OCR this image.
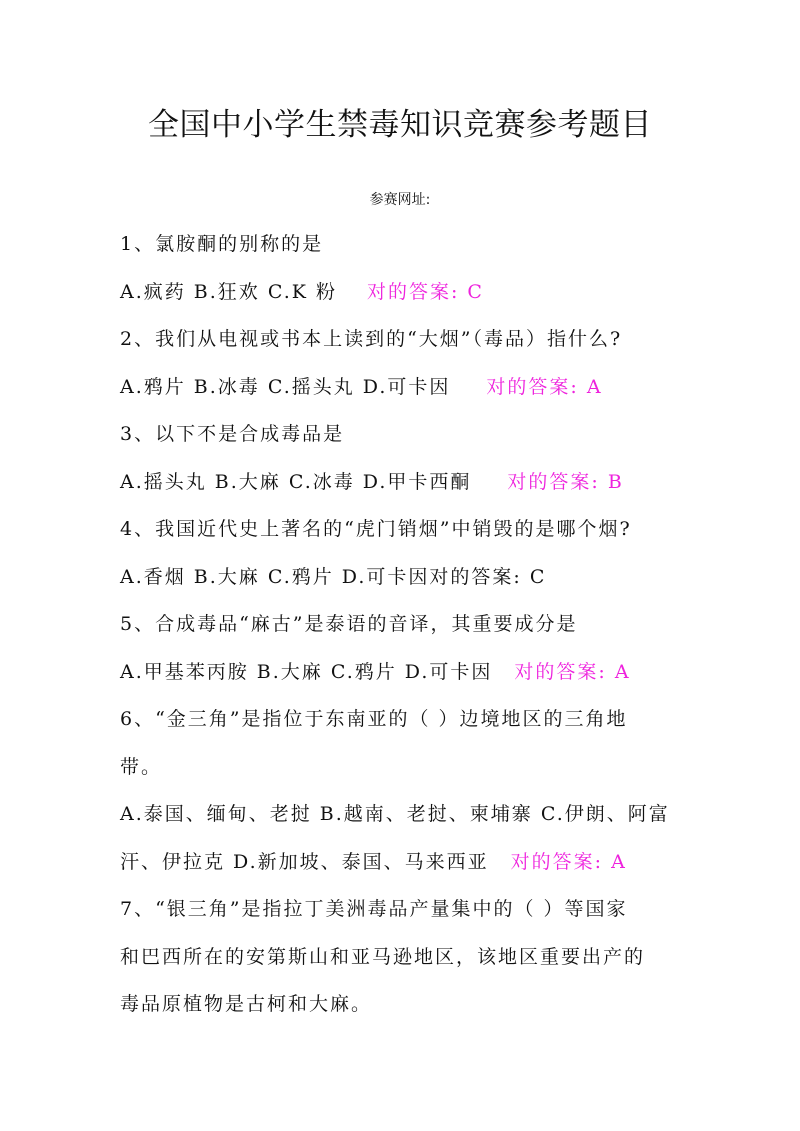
全国中小学生禁毒知识竞赛参考题目
参赛网址:
1、氯胺酮的别称的是
A.疯药 B.狂欢 C.K 粉 对的答案: C
2、我们从电视或书本上读到的“大烟”（毒品）指什么?
A.鸦片 B.冰毒 C.摇头丸 D.可卡因 对的答案: A
3、以下不是合成毒品是
A.摇头丸 B.大麻 C.冰毒 D.甲卡西酮 对的答案: B
4、我国近代史上著名的“虎门销烟”中销毁的是哪个烟?
A.香烟 B.大麻 C.鸦片 D.可卡因对的答案: C
5、合成毒品“麻古”是泰语的音译，其重要成分是
A.甲基苯丙胺 B.大麻 C.鸦片 D.可卡因 对的答案: A
6、“金三角”是指位于东南亚的（ ）边境地区的三角地
带。
A.泰国、缅甸、老挝 B.越南、老挝、柬埔寨 C.伊朗、阿富
汗、伊拉克 D.新加坡、泰国、马来西亚 对的答案: A
7、“银三角”是指拉丁美洲毒品产量集中的（ ）等国家
和巴西所在的安第斯山和亚马逊地区，该地区重要出产的
毒品原植物是古柯和大麻。
